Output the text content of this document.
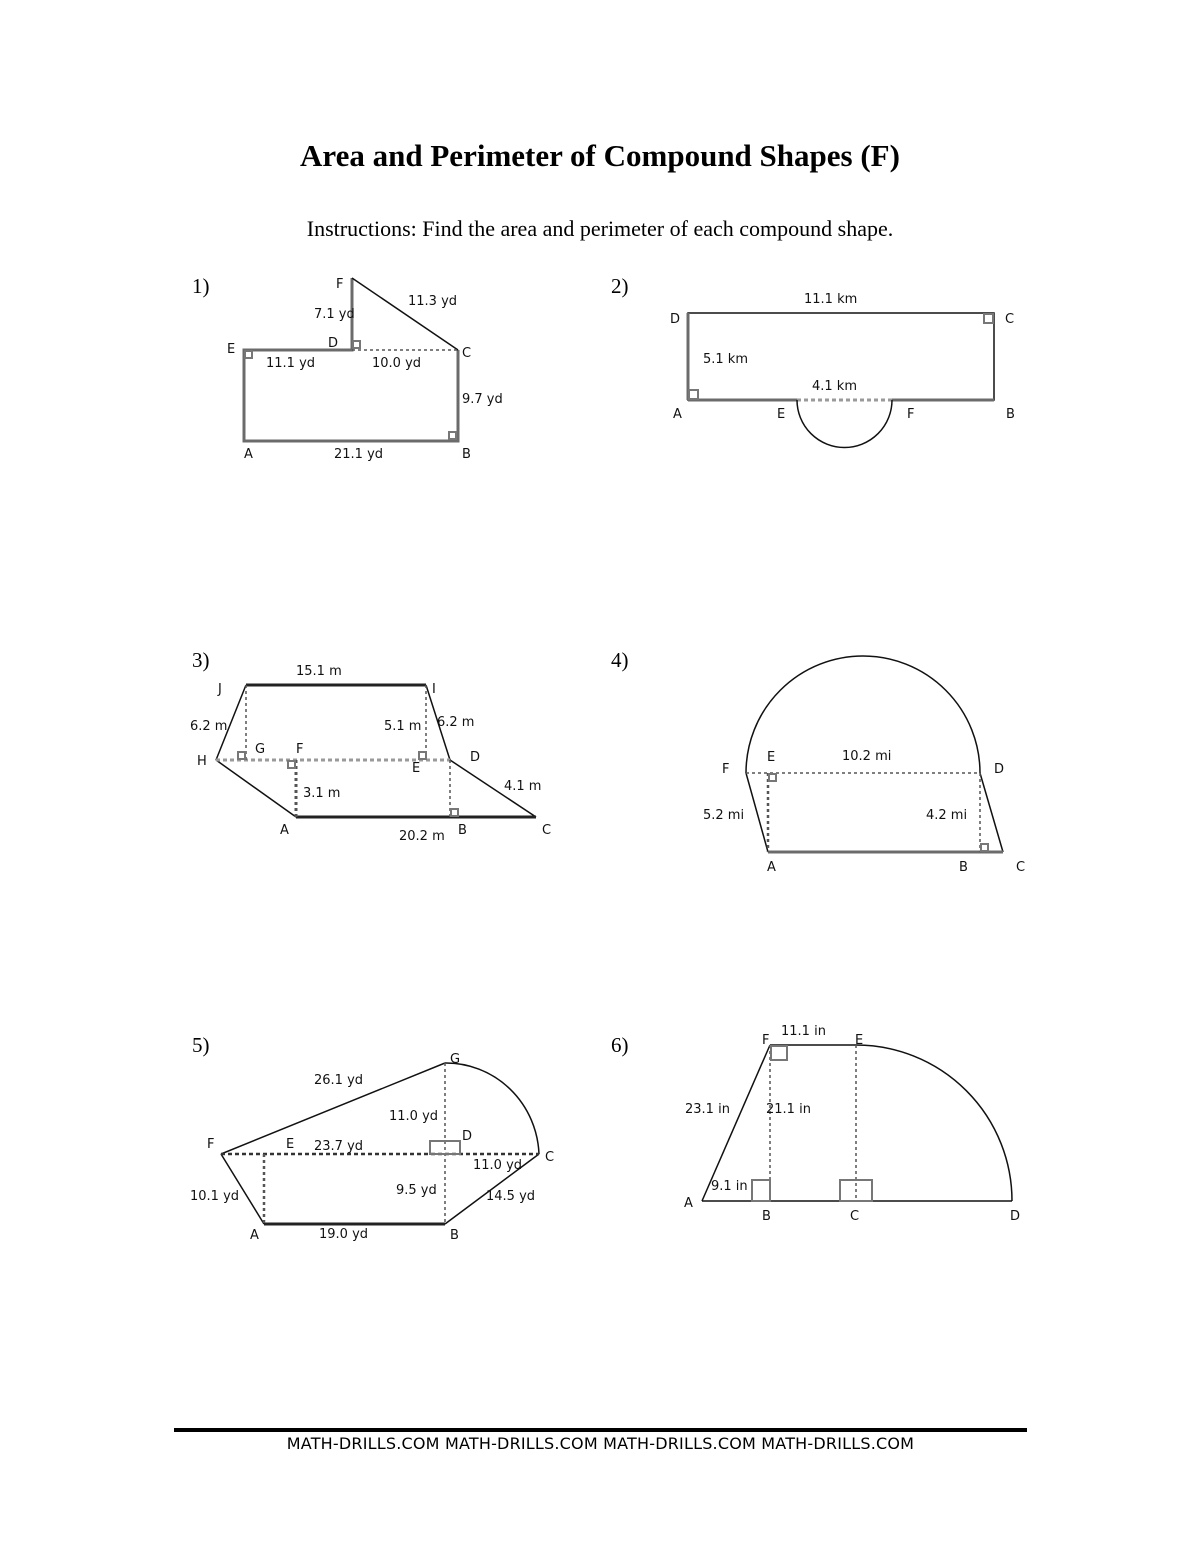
Area and Perimeter of Compound Shapes (F)
Instructions: Find the area and perimeter of each compound shape.
1)	F
D
E	C
A	B
7.1 yd
11.3 yd
11.1 yd	10.0 yd
9.7 yd
21.1 yd
2)
D	C
A	E	F	B
11.1 km
5.1 km
4.1 km
3)
J	I
H
G F
E
D
A	B	C
15.1 m
6.2 m	5.1 m 6.2 m
4.1 m
3.1 m
20.2 m
4)
F
E
D
A	B	C
10.2 mi
5.2 mi	4.2 mi
5)
G
F	E
D
C
A	B
26.1 yd
11.0 yd
23.7 yd
11.0 yd
10.1 yd	9.5 yd	14.5 yd
19.0 yd
6)	F	E
A
B	C	D
11.1 in
23.1 in	21.1 in
9.1 in
MATH-DRILLS.COM MATH-DRILLS.COM MATH-DRILLS.COM MATH-DRILLS.COM
